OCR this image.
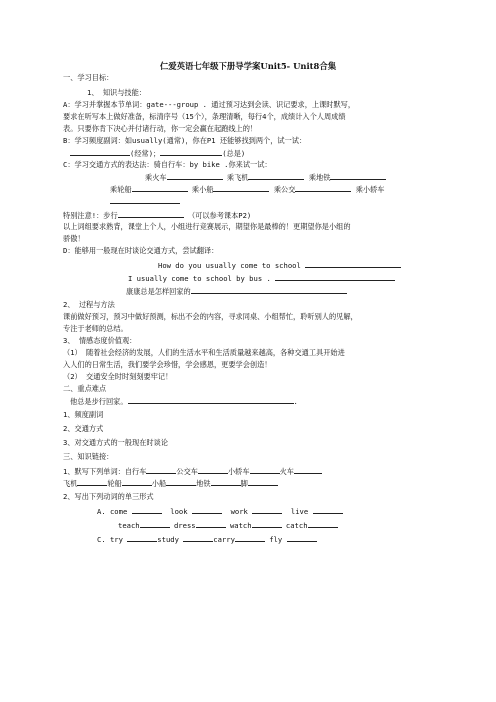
仁爱英语七年级下册导学案Unit5- Unit8合集
一、学习目标：
1、 知识与技能：
A：学习并掌握本节单词：gate---group . 通过预习达到会读、识记要求，上课时默写，
要求在听写本上做好准备，标清序号（15个），条理清晰，每行4个，成绩计入个人周成绩
表。只要你肯下决心并付诸行动，你一定会赢在起跑线上的！
B：学习频度副词：如usually(通常)，你在P1 还能够找到两个，试一试：
(经常)；	(总是)
C：学习交通方式的表达法：骑自行车：by bike .你来试一试：
乘火车	乘飞机	乘地铁
乘轮船	乘小船	乘公交	乘小轿车
特别注意!：步行	（可以参考课本P2)
以上词组要求熟背，课堂上个人，小组进行竞赛展示，期望你是最棒的！更期望你是小组的
骄傲！
D：能够用一般现在时谈论交通方式，尝试翻译：
How do you usually come to school
I usually come to school by bus .
康康总是怎样回家的
2、 过程与方法
课前做好预习，预习中做好预测，标出不会的内容，寻求同桌、小组帮忙，聆听别人的见解，
专注于老师的总结。
3、 情感态度价值观：
（1） 随着社会经济的发展，人们的生活水平和生活质量越来越高，各种交通工具开始进
入人们的日常生活，我们要学会珍惜，学会感恩，更要学会创造！
（2） 交通安全时时刻刻要牢记！
二、重点难点
他总是步行回家。	.
1、频度副词
2、交通方式
3、对交通方式的一般现在时谈论
三、知识链接：
1、默写下列单词：自行车	公交车	小轿车	火车
飞机	轮船	小船	地铁	脚
2、写出下列动词的单三形式
A. come	look	work	live
teach	dress	watch	catch
C. try	study	carry	fly
